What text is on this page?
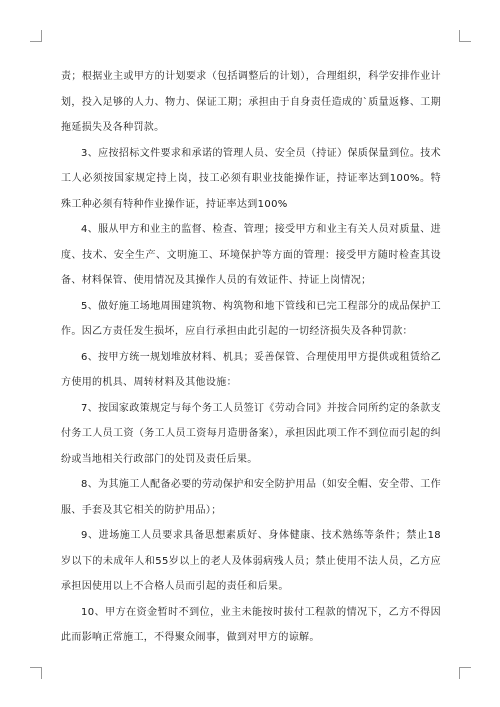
责；根据业主或甲方的计划要求（包括调整后的计划），合理组织，科学安排作业计划，投入足够的人力、物力、保证工期；承担由于自身责任造成的`质量返修、工期拖延损失及各种罚款。

3、应按招标文件要求和承诺的管理人员、安全员（持证）保质保量到位。技术工人必须按国家规定持上岗，技工必须有职业技能操作证，持证率达到100%。特殊工种必须有特种作业操作证，持证率达到100%

4、服从甲方和业主的监督、检查、管理；接受甲方和业主有关人员对质量、进度、技术、安全生产、文明施工、环境保护等方面的管理：接受甲方随时检查其设备、材料保管、使用情况及其操作人员的有效证件、持证上岗情况；

5、做好施工场地周围建筑物、构筑物和地下管线和已完工程部分的成品保护工作。因乙方责任发生损坏，应自行承担由此引起的一切经济损失及各种罚款：

6、按甲方统一规划堆放材料、机具；妥善保管、合理使用甲方提供或租赁给乙方使用的机具、周转材料及其他设施：

7、按国家政策规定与每个务工人员签订《劳动合同》并按合同所约定的条款支付务工人员工资（务工人员工资每月造册备案），承担因此项工作不到位而引起的纠纷或当地相关行政部门的处罚及责任后果。

8、为其施工人配备必要的劳动保护和安全防护用品（如安全帽、安全带、工作服、手套及其它相关的防护用品）；

9、进场施工人员要求具备思想素质好、身体健康、技术熟练等条件；禁止18岁以下的未成年人和55岁以上的老人及体弱病残人员；禁止使用不法人员，乙方应承担因使用以上不合格人员而引起的责任和后果。

10、甲方在资金暂时不到位，业主未能按时拔付工程款的情况下，乙方不得因此而影响正常施工，不得聚众闹事，做到对甲方的谅解。
